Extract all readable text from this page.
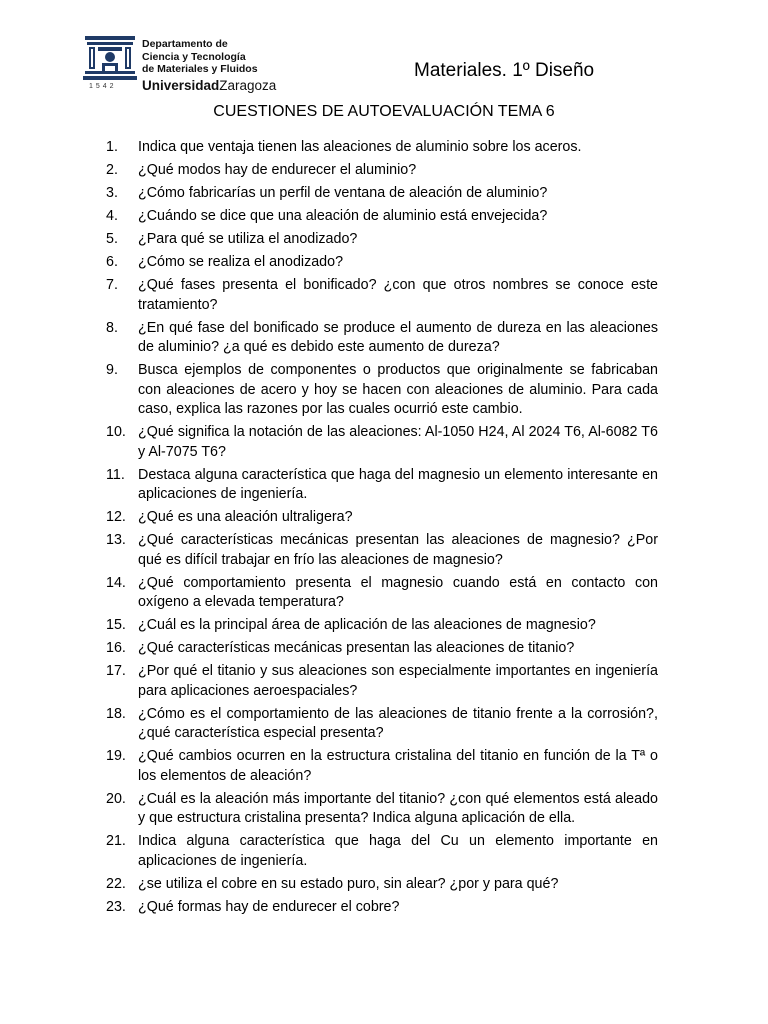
1542
Departamento de
Ciencia y Tecnología
de Materiales y Fluidos
UniversidadZaragoza
Materiales. 1º Diseño
CUESTIONES DE AUTOEVALUACIÓN TEMA 6
1.	Indica que ventaja tienen las aleaciones de aluminio sobre los aceros.
2.	¿Qué modos hay de endurecer el aluminio?
3.	¿Cómo fabricarías un perfil de ventana de aleación de aluminio?
4.	¿Cuándo se dice que una aleación de aluminio está envejecida?
5.	¿Para qué se utiliza el anodizado?
6.	¿Cómo se realiza el anodizado?
7.	¿Qué fases presenta el bonificado? ¿con que otros nombres se conoce este tratamiento?
8.	¿En qué fase del bonificado se produce el aumento de dureza en las aleaciones de aluminio? ¿a qué es debido este aumento de dureza?
9.	Busca ejemplos de componentes o productos que originalmente se fabricaban con aleaciones de acero y hoy se hacen con aleaciones de aluminio. Para cada caso, explica las razones por las cuales ocurrió este cambio.
10. ¿Qué significa la notación de las aleaciones: Al-1050 H24, Al 2024 T6, Al-6082 T6 y Al-7075 T6?
11. Destaca alguna característica que haga del magnesio un elemento interesante en aplicaciones de ingeniería.
12. ¿Qué es una aleación ultraligera?
13. ¿Qué características mecánicas presentan las aleaciones de magnesio? ¿Por qué es difícil trabajar en frío las aleaciones de magnesio?
14. ¿Qué comportamiento presenta el magnesio cuando está en contacto con oxígeno a elevada temperatura?
15. ¿Cuál es la principal área de aplicación de las aleaciones de magnesio?
16. ¿Qué características mecánicas presentan las aleaciones de titanio?
17. ¿Por qué el titanio y sus aleaciones son especialmente importantes en ingeniería para aplicaciones aeroespaciales?
18. ¿Cómo es el comportamiento de las aleaciones de titanio frente a la corrosión?, ¿qué característica especial presenta?
19. ¿Qué cambios ocurren en la estructura cristalina del titanio en función de la Tª o los elementos de aleación?
20. ¿Cuál es la aleación más importante del titanio? ¿con qué elementos está aleado y que estructura cristalina presenta? Indica alguna aplicación de ella.
21. Indica alguna característica que haga del Cu un elemento importante en aplicaciones de ingeniería.
22. ¿se utiliza el cobre en su estado puro, sin alear? ¿por y para qué?
23. ¿Qué formas hay de endurecer el cobre?
